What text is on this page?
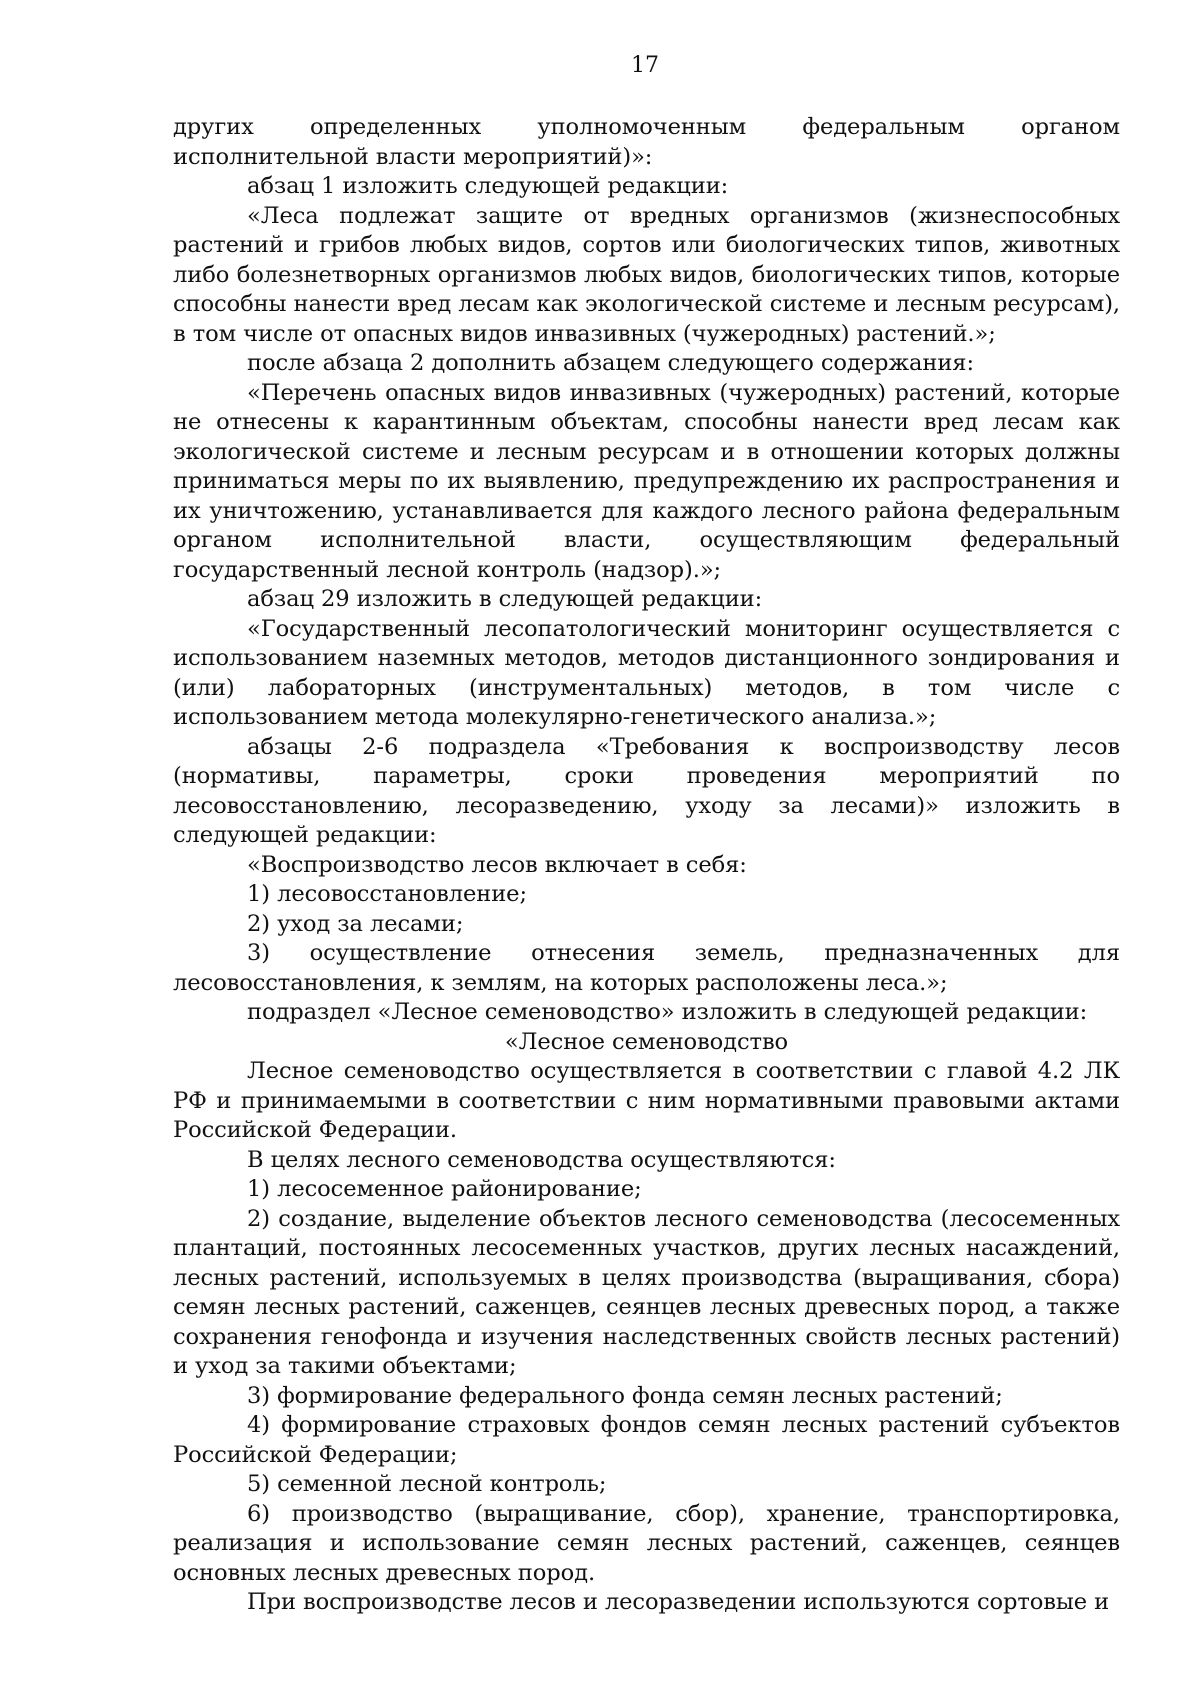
17

других определенных уполномоченным федеральным органом исполнительной власти мероприятий)»:

абзац 1 изложить следующей редакции:

«Леса подлежат защите от вредных организмов (жизнеспособных растений и грибов любых видов, сортов или биологических типов, животных либо болезнетворных организмов любых видов, биологических типов, которые способны нанести вред лесам как экологической системе и лесным ресурсам), в том числе от опасных видов инвазивных (чужеродных) растений.»;

после абзаца 2 дополнить абзацем следующего содержания:

«Перечень опасных видов инвазивных (чужеродных) растений, которые не отнесены к карантинным объектам, способны нанести вред лесам как экологической системе и лесным ресурсам и в отношении которых должны приниматься меры по их выявлению, предупреждению их распространения и их уничтожению, устанавливается для каждого лесного района федеральным органом исполнительной власти, осуществляющим федеральный государственный лесной контроль (надзор).»;

абзац 29 изложить в следующей редакции:

«Государственный лесопатологический мониторинг осуществляется с использованием наземных методов, методов дистанционного зондирования и (или) лабораторных (инструментальных) методов, в том числе с использованием метода молекулярно-генетического анализа.»;

абзацы 2-6 подраздела «Требования к воспроизводству лесов (нормативы, параметры, сроки проведения мероприятий по лесовосстановлению, лесоразведению, уходу за лесами)» изложить в следующей редакции:

«Воспроизводство лесов включает в себя:

1) лесовосстановление;

2) уход за лесами;

3) осуществление отнесения земель, предназначенных для лесовосстановления, к землям, на которых расположены леса.»;

подраздел «Лесное семеноводство» изложить в следующей редакции:

«Лесное семеноводство

Лесное семеноводство осуществляется в соответствии с главой 4.2 ЛК РФ и принимаемыми в соответствии с ним нормативными правовыми актами Российской Федерации.

В целях лесного семеноводства осуществляются:

1) лесосеменное районирование;

2) создание, выделение объектов лесного семеноводства (лесосеменных плантаций, постоянных лесосеменных участков, других лесных насаждений, лесных растений, используемых в целях производства (выращивания, сбора) семян лесных растений, саженцев, сеянцев лесных древесных пород, а также сохранения генофонда и изучения наследственных свойств лесных растений) и уход за такими объектами;

3) формирование федерального фонда семян лесных растений;

4) формирование страховых фондов семян лесных растений субъектов Российской Федерации;

5) семенной лесной контроль;

6) производство (выращивание, сбор), хранение, транспортировка, реализация и использование семян лесных растений, саженцев, сеянцев основных лесных древесных пород.

При воспроизводстве лесов и лесоразведении используются сортовые и
